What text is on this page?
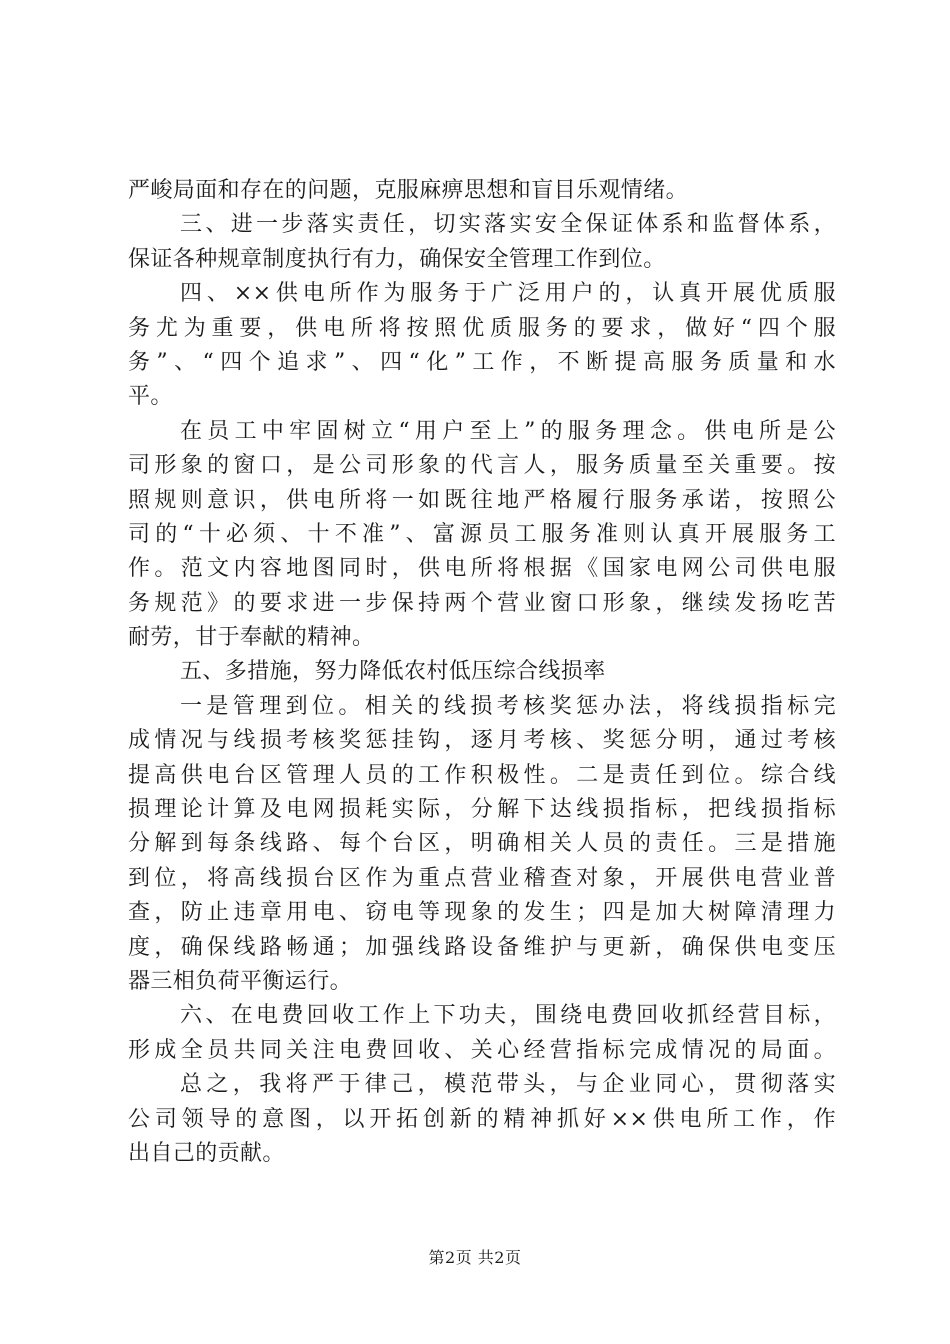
严峻局面和存在的问题，克服麻痹思想和盲目乐观情绪。
三、进一步落实责任，切实落实安全保证体系和监督体系，
保证各种规章制度执行有力，确保安全管理工作到位。
四、××供电所作为服务于广泛用户的，认真开展优质服
务尤为重要，供电所将按照优质服务的要求，做好“四个服
务”、“四个追求”、四“化”工作，不断提高服务质量和水
平。
在员工中牢固树立“用户至上”的服务理念。供电所是公
司形象的窗口，是公司形象的代言人，服务质量至关重要。按
照规则意识，供电所将一如既往地严格履行服务承诺，按照公
司的“十必须、十不准”、富源员工服务准则认真开展服务工
作。范文内容地图同时，供电所将根据《国家电网公司供电服
务规范》的要求进一步保持两个营业窗口形象，继续发扬吃苦
耐劳，甘于奉献的精神。
五、多措施，努力降低农村低压综合线损率
一是管理到位。相关的线损考核奖惩办法，将线损指标完
成情况与线损考核奖惩挂钩，逐月考核、奖惩分明，通过考核
提高供电台区管理人员的工作积极性。二是责任到位。综合线
损理论计算及电网损耗实际，分解下达线损指标，把线损指标
分解到每条线路、每个台区，明确相关人员的责任。三是措施
到位，将高线损台区作为重点营业稽查对象，开展供电营业普
查，防止违章用电、窃电等现象的发生；四是加大树障清理力
度，确保线路畅通；加强线路设备维护与更新，确保供电变压
器三相负荷平衡运行。
六、在电费回收工作上下功夫，围绕电费回收抓经营目标，
形成全员共同关注电费回收、关心经营指标完成情况的局面。
总之，我将严于律己，模范带头，与企业同心，贯彻落实
公司领导的意图，以开拓创新的精神抓好××供电所工作，作
出自己的贡献。
第2页 共2页
